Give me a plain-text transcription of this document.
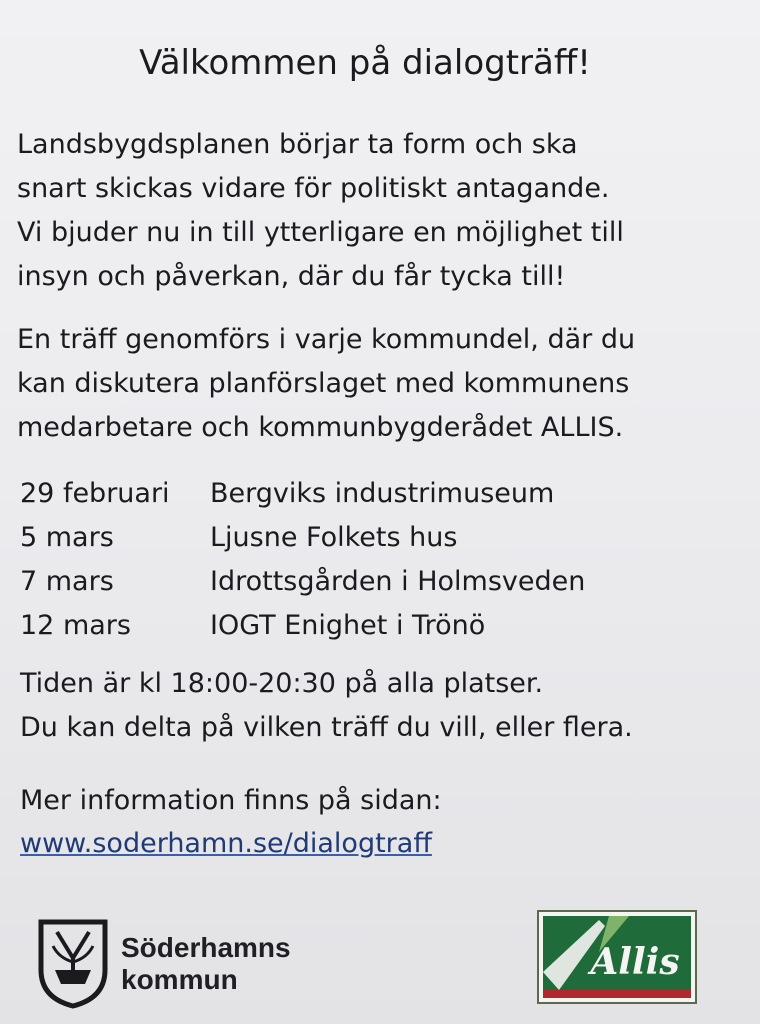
Välkommen på dialogträff!
Landsbygdsplanen börjar ta form och ska
snart skickas vidare för politiskt antagande.
Vi bjuder nu in till ytterligare en möjlighet till
insyn och påverkan, där du får tycka till!
En träff genomförs i varje kommundel, där du
kan diskutera planförslaget med kommunens
medarbetare och kommunbygderådet ALLIS.
29 februari	Bergviks industrimuseum
5 mars	Ljusne Folkets hus
7 mars	Idrottsgården i Holmsveden
12 mars	IOGT Enighet i Trönö
Tiden är kl 18:00-20:30 på alla platser.
Du kan delta på vilken träff du vill, eller flera.
Mer information finns på sidan:
www.soderhamn.se/dialogtraff
Söderhamns
kommun	Allis
